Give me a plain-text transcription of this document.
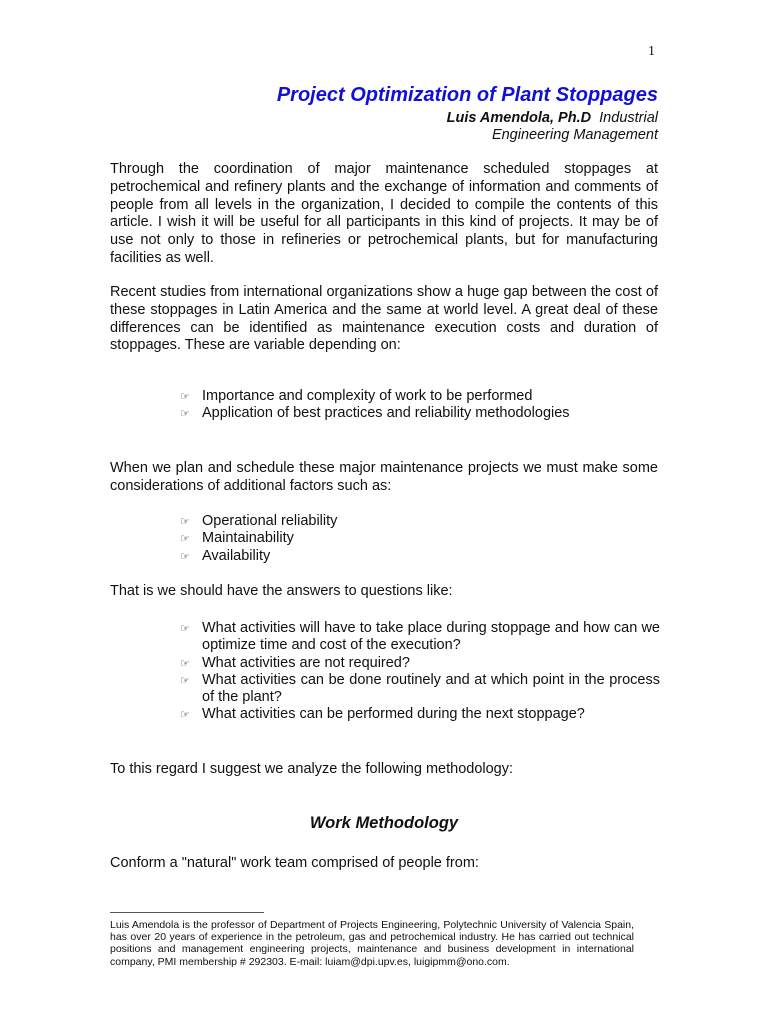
1
Project Optimization of Plant Stoppages
Luis Amendola, Ph.D Industrial
Engineering Management

Through the coordination of major maintenance scheduled stoppages at petrochemical and refinery plants and the exchange of information and comments of people from all levels in the organization, I decided to compile the contents of this article. I wish it will be useful for all participants in this kind of projects. It may be of use not only to those in refineries or petrochemical plants, but for manufacturing facilities as well.

Recent studies from international organizations show a huge gap between the cost of these stoppages in Latin America and the same at world level. A great deal of these differences can be identified as maintenance execution costs and duration of stoppages. These are variable depending on:

☞ Importance and complexity of work to be performed
☞ Application of best practices and reliability methodologies

When we plan and schedule these major maintenance projects we must make some considerations of additional factors such as:

☞ Operational reliability
☞ Maintainability
☞ Availability

That is we should have the answers to questions like:

☞ What activities will have to take place during stoppage and how can we optimize time and cost of the execution?
☞ What activities are not required?
☞ What activities can be done routinely and at which point in the process of the plant?
☞ What activities can be performed during the next stoppage?

To this regard I suggest we analyze the following methodology:

Work Methodology

Conform a "natural" work team comprised of people from:

Luis Amendola is the professor of Department of Projects Engineering, Polytechnic University of Valencia Spain, has over 20 years of experience in the petroleum, gas and petrochemical industry. He has carried out technical positions and management engineering projects, maintenance and business development in international company, PMI membership # 292303. E-mail: luiam@dpi.upv.es, luigipmm@ono.com.
